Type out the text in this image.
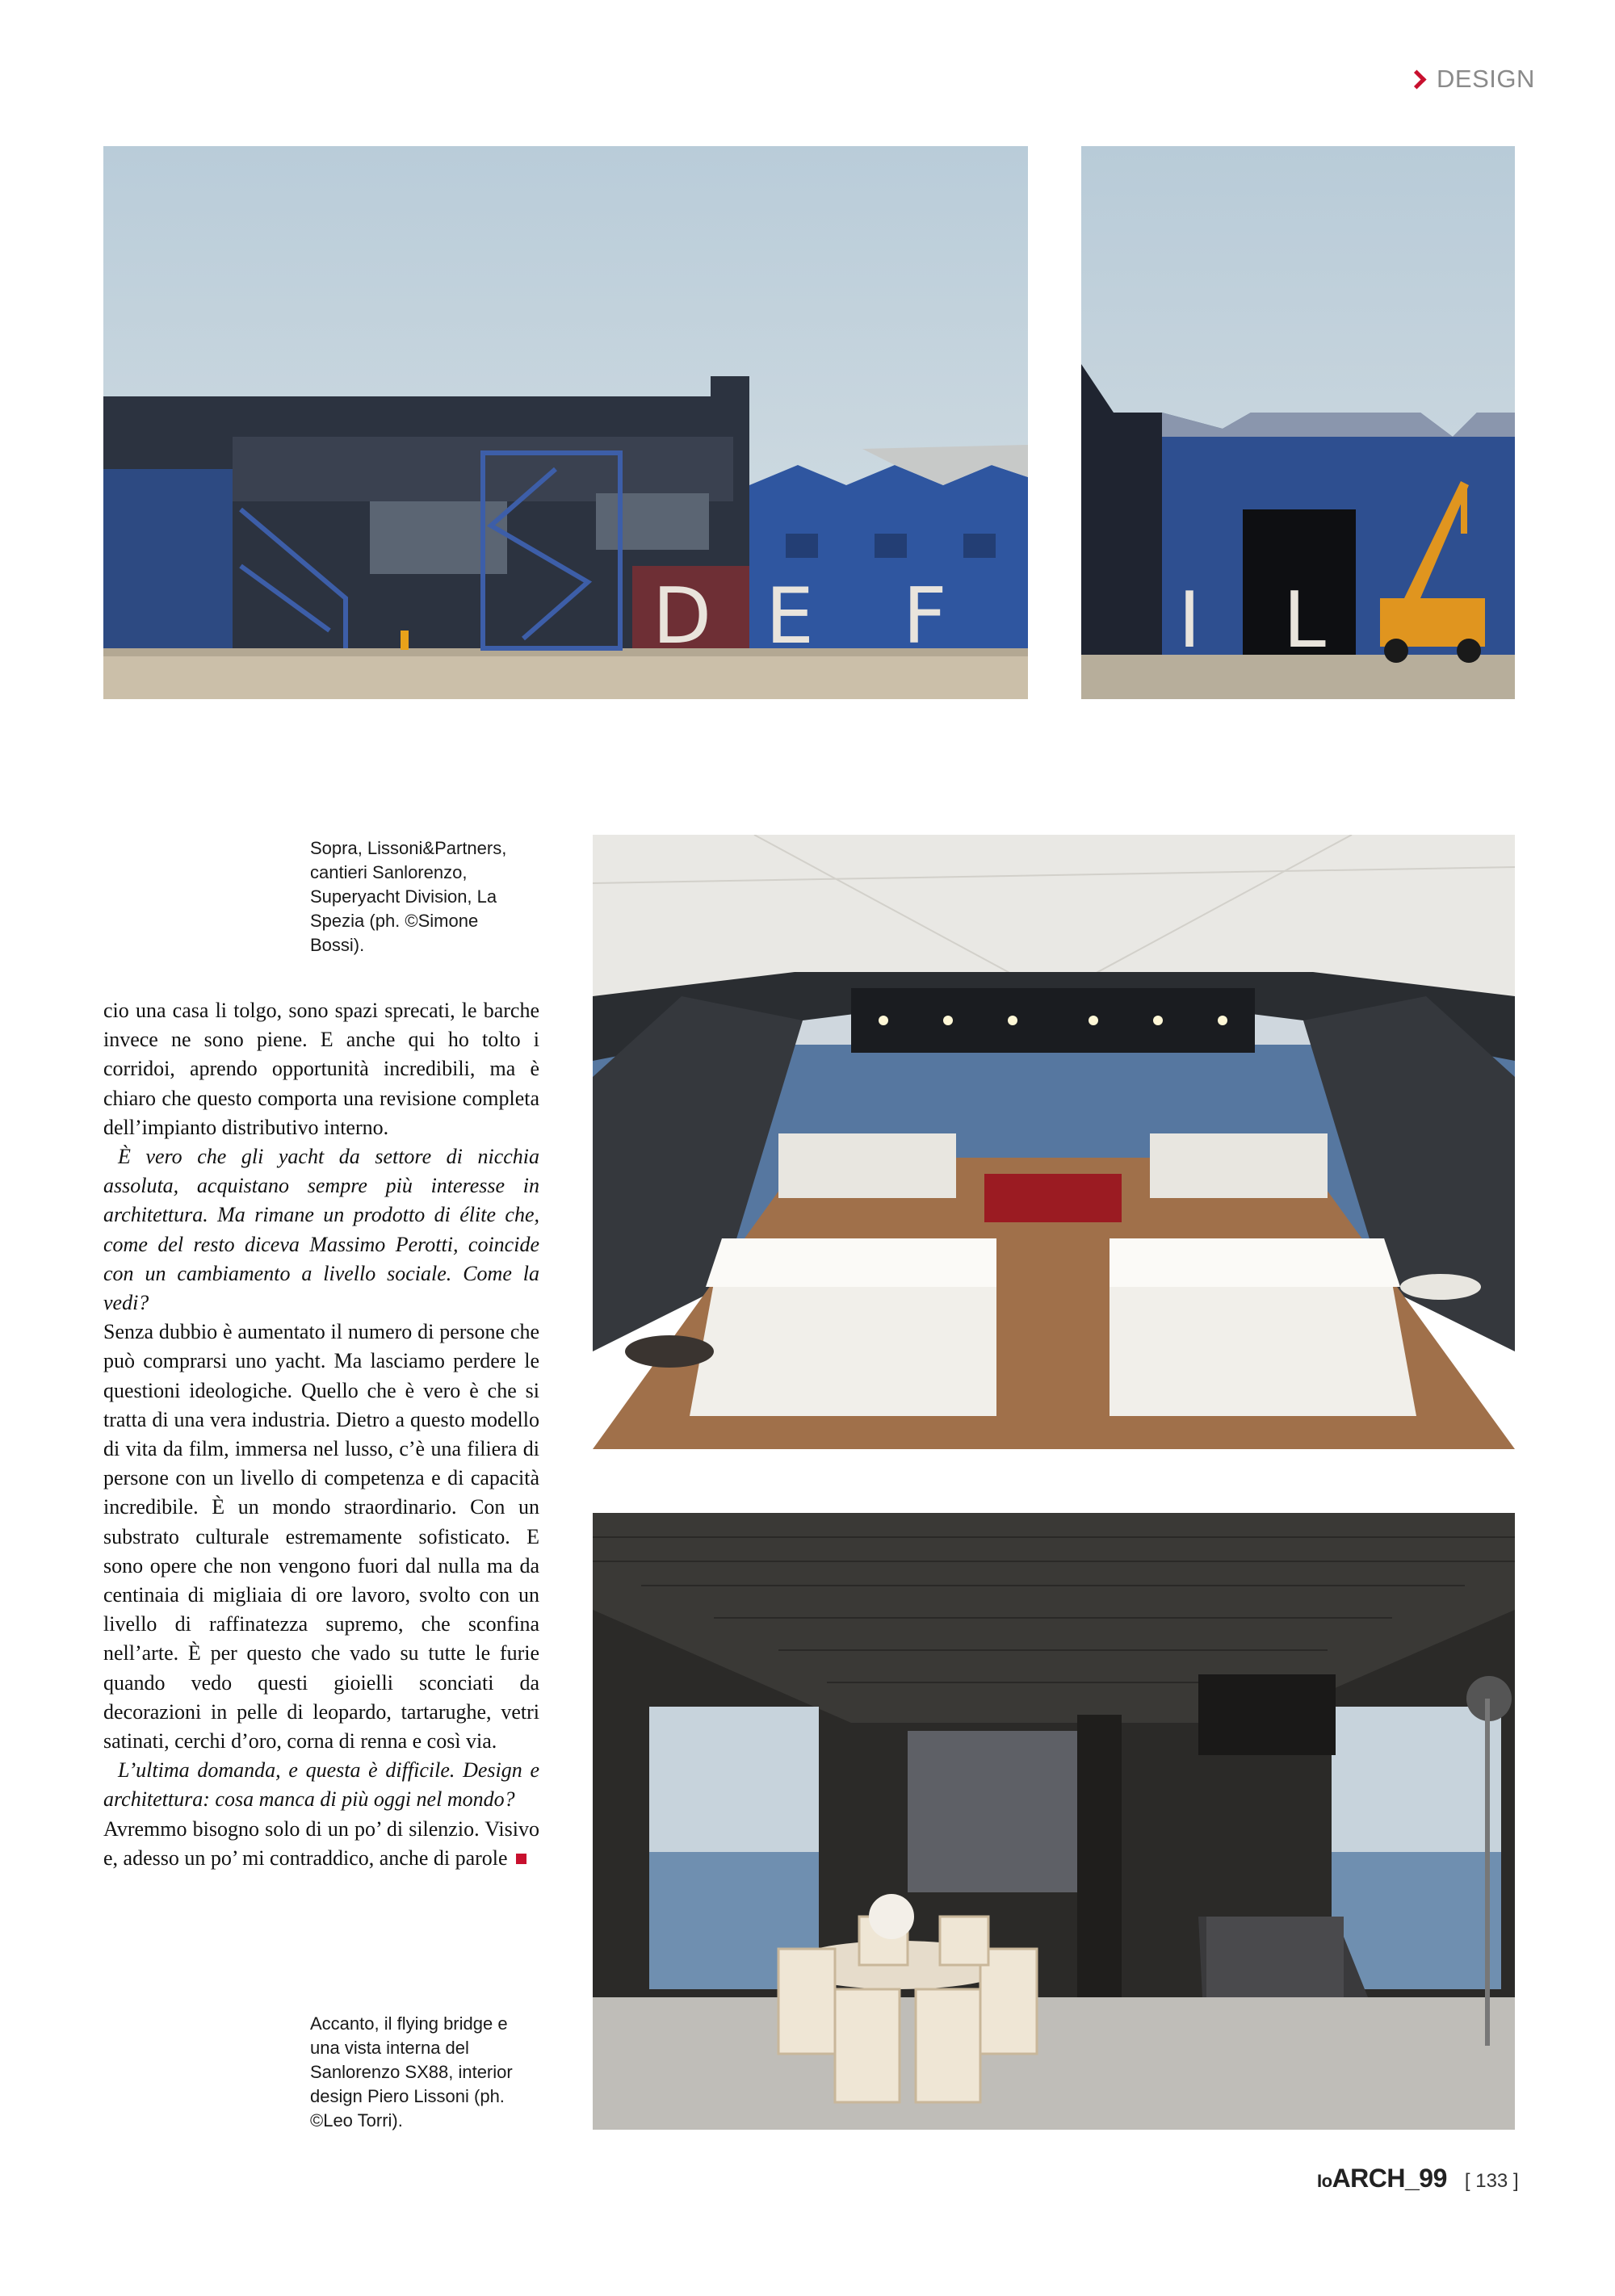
DESIGN
D E F	I L

Sopra, Lissoni&Partners, cantieri Sanlorenzo, Superyacht Division, La Spezia (ph. ©Simone Bossi).

cio una casa li tolgo, sono spazi sprecati, le barche invece ne sono piene. E anche qui ho tolto i corridoi, aprendo opportunità incredibili, ma è chiaro che questo comporta una revisione completa dell’impianto distributivo interno.

È vero che gli yacht da settore di nicchia assoluta, acquistano sempre più interesse in architettura. Ma rimane un prodotto di élite che, come del resto diceva Massimo Perotti, coincide con un cambiamento a livello sociale. Come la vedi?

Senza dubbio è aumentato il numero di persone che può comprarsi uno yacht. Ma lasciamo perdere le questioni ideologiche. Quello che è vero è che si tratta di una vera industria. Dietro a questo modello di vita da film, immersa nel lusso, c’è una filiera di persone con un livello di competenza e di capacità incredibile. È un mondo straordinario. Con un substrato culturale estremamente sofisticato. E sono opere che non vengono fuori dal nulla ma da centinaia di migliaia di ore lavoro, svolto con un livello di raffinatezza supremo, che sconfina nell’arte. È per questo che vado su tutte le furie quando vedo questi gioielli sconciati da decorazioni in pelle di leopardo, tartarughe, vetri satinati, cerchi d’oro, corna di renna e così via.

L’ultima domanda, e questa è difficile. Design e architettura: cosa manca di più oggi nel mondo?

Avremmo bisogno solo di un po’ di silenzio. Visivo e, adesso un po’ mi contraddico, anche di parole

Accanto, il flying bridge e una vista interna del Sanlorenzo SX88, interior design Piero Lissoni (ph. ©Leo Torri).

IoARCH_99 [ 133 ]
